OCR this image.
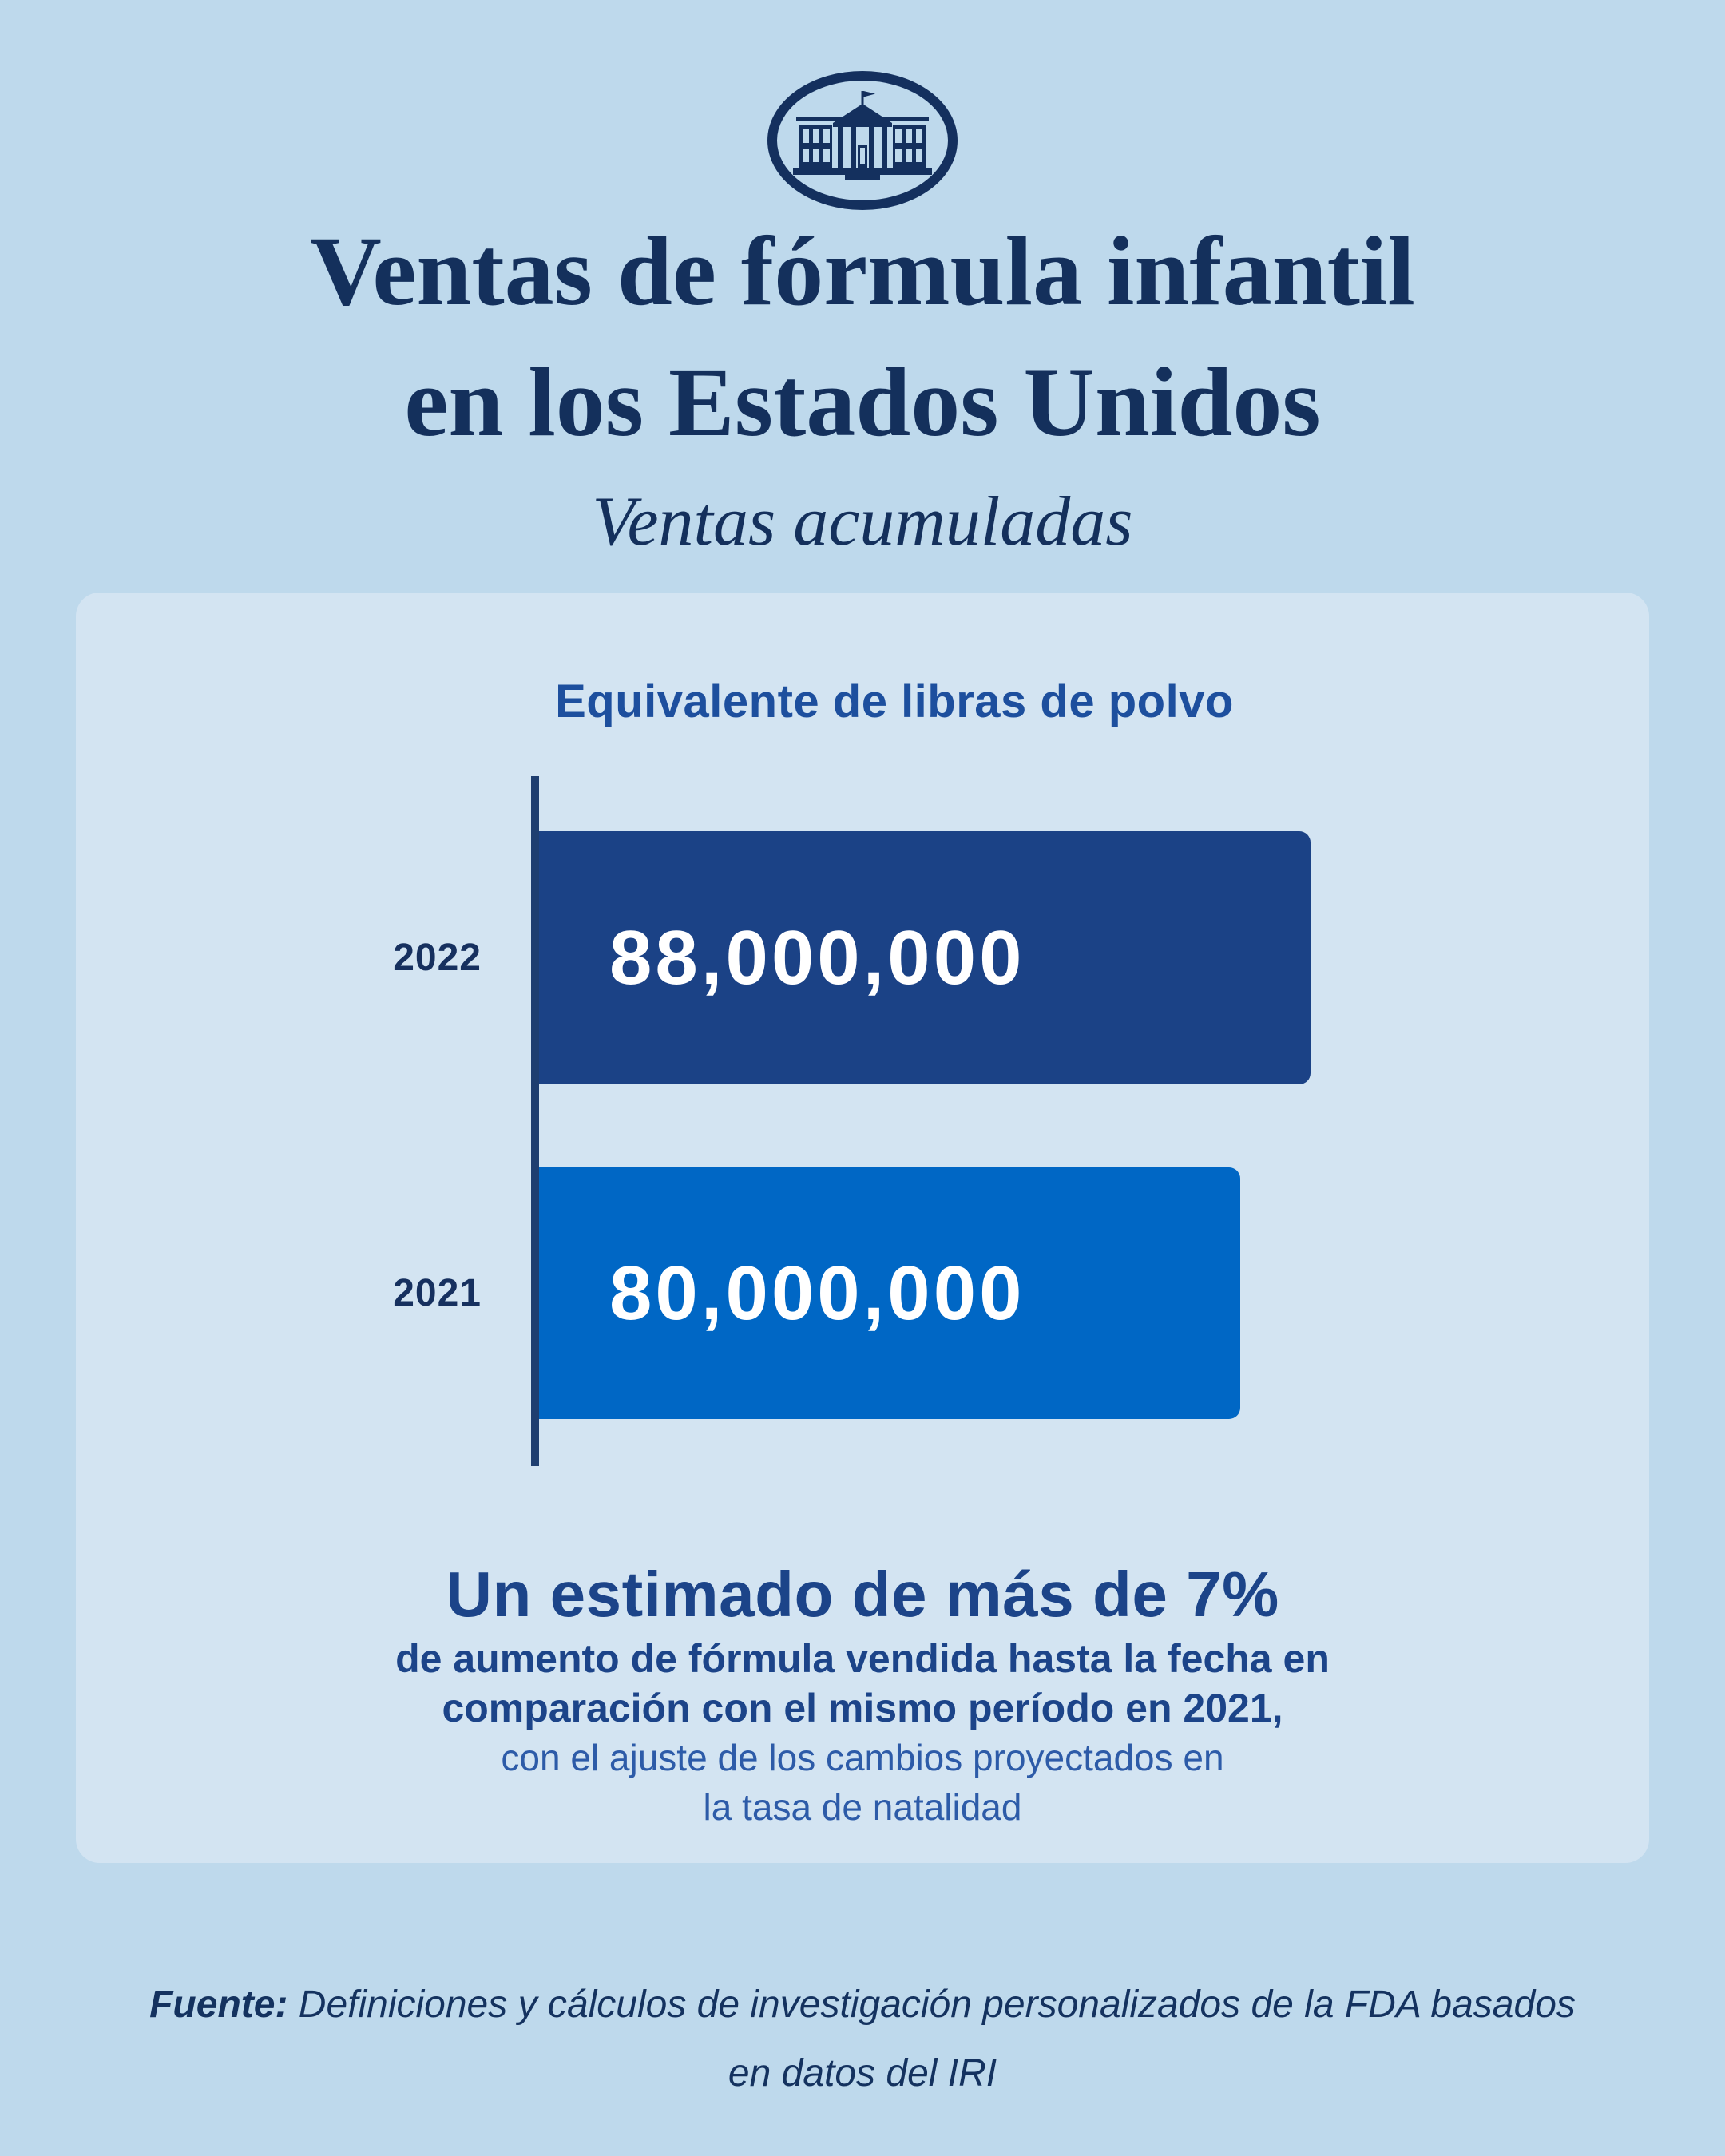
Ventas de fórmula infantil
en los Estados Unidos
Ventas acumuladas
Equivalente de libras de polvo
2022	88,000,000
2021	80,000,000
Un estimado de más de 7%
de aumento de fórmula vendida hasta la fecha en
comparación con el mismo período en 2021,
con el ajuste de los cambios proyectados en
la tasa de natalidad
Fuente: Definiciones y cálculos de investigación personalizados de la FDA basados
en datos del IRI
